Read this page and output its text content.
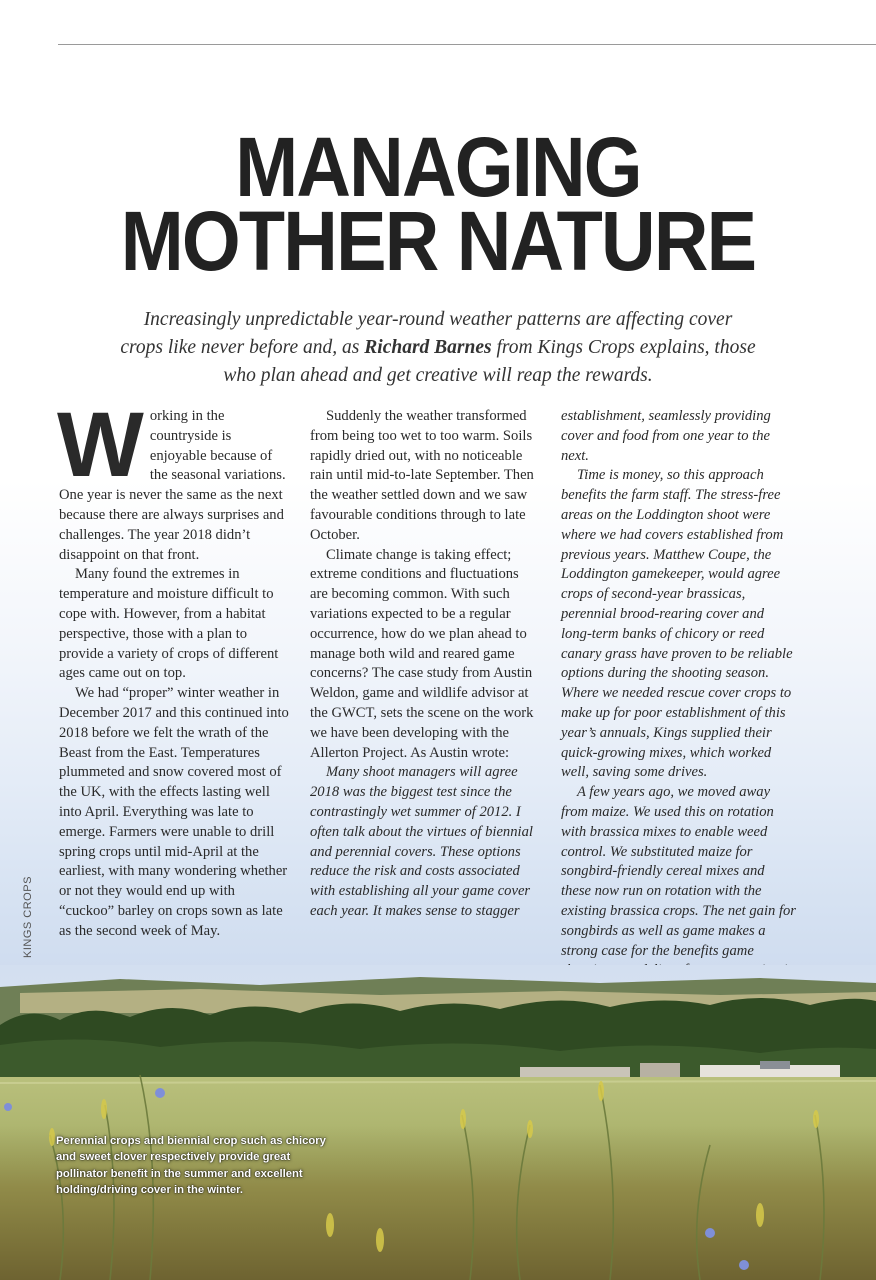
MANAGING
MOTHER NATURE
Increasingly unpredictable year-round weather patterns are affecting cover crops like never before and, as Richard Barnes from Kings Crops explains, those who plan ahead and get creative will reap the rewards.

Working in the countryside is enjoyable because of the seasonal variations. One year is never the same as the next because there are always surprises and challenges. The year 2018 didn’t disappoint on that front.

Many found the extremes in temperature and moisture difficult to cope with. However, from a habitat perspective, those with a plan to provide a variety of crops of different ages came out on top.

We had “proper” winter weather in December 2017 and this continued into 2018 before we felt the wrath of the Beast from the East. Temperatures plummeted and snow covered most of the UK, with the effects lasting well into April. Everything was late to emerge. Farmers were unable to drill spring crops until mid-April at the earliest, with many wondering whether or not they would end up with “cuckoo” barley on crops sown as late as the second week of May.

Suddenly the weather transformed from being too wet to too warm. Soils rapidly dried out, with no noticeable rain until mid-to-late September. Then the weather settled down and we saw favourable conditions through to late October.

Climate change is taking effect; extreme conditions and fluctuations are becoming common. With such variations expected to be a regular occurrence, how do we plan ahead to manage both wild and reared game concerns? The case study from Austin Weldon, game and wildlife advisor at the GWCT, sets the scene on the work we have been developing with the Allerton Project. As Austin wrote:

Many shoot managers will agree 2018 was the biggest test since the contrastingly wet summer of 2012. I often talk about the virtues of biennial and perennial covers. These options reduce the risk and costs associated with establishing all your game cover each year. It makes sense to stagger

establishment, seamlessly providing cover and food from one year to the next.

Time is money, so this approach benefits the farm staff. The stress-free areas on the Loddington shoot were where we had covers established from previous years. Matthew Coupe, the Loddington gamekeeper, would agree crops of second-year brassicas, perennial brood-rearing cover and long-term banks of chicory or reed canary grass have proven to be reliable options during the shooting season. Where we needed rescue cover crops to make up for poor establishment of this year’s annuals, Kings supplied their quick-growing mixes, which worked well, saving some drives.

A few years ago, we moved away from maize. We used this on rotation with brassica mixes to enable weed control. We substituted maize for songbird-friendly cereal mixes and these now run on rotation with the existing brassica crops. The net gain for songbirds as well as game makes a strong case for the benefits game

KINGS CROPS
Perennial crops and biennial crop such as chicory and sweet clover respectively provide great pollinator benefit in the summer and excellent holding/driving cover in the winter.
